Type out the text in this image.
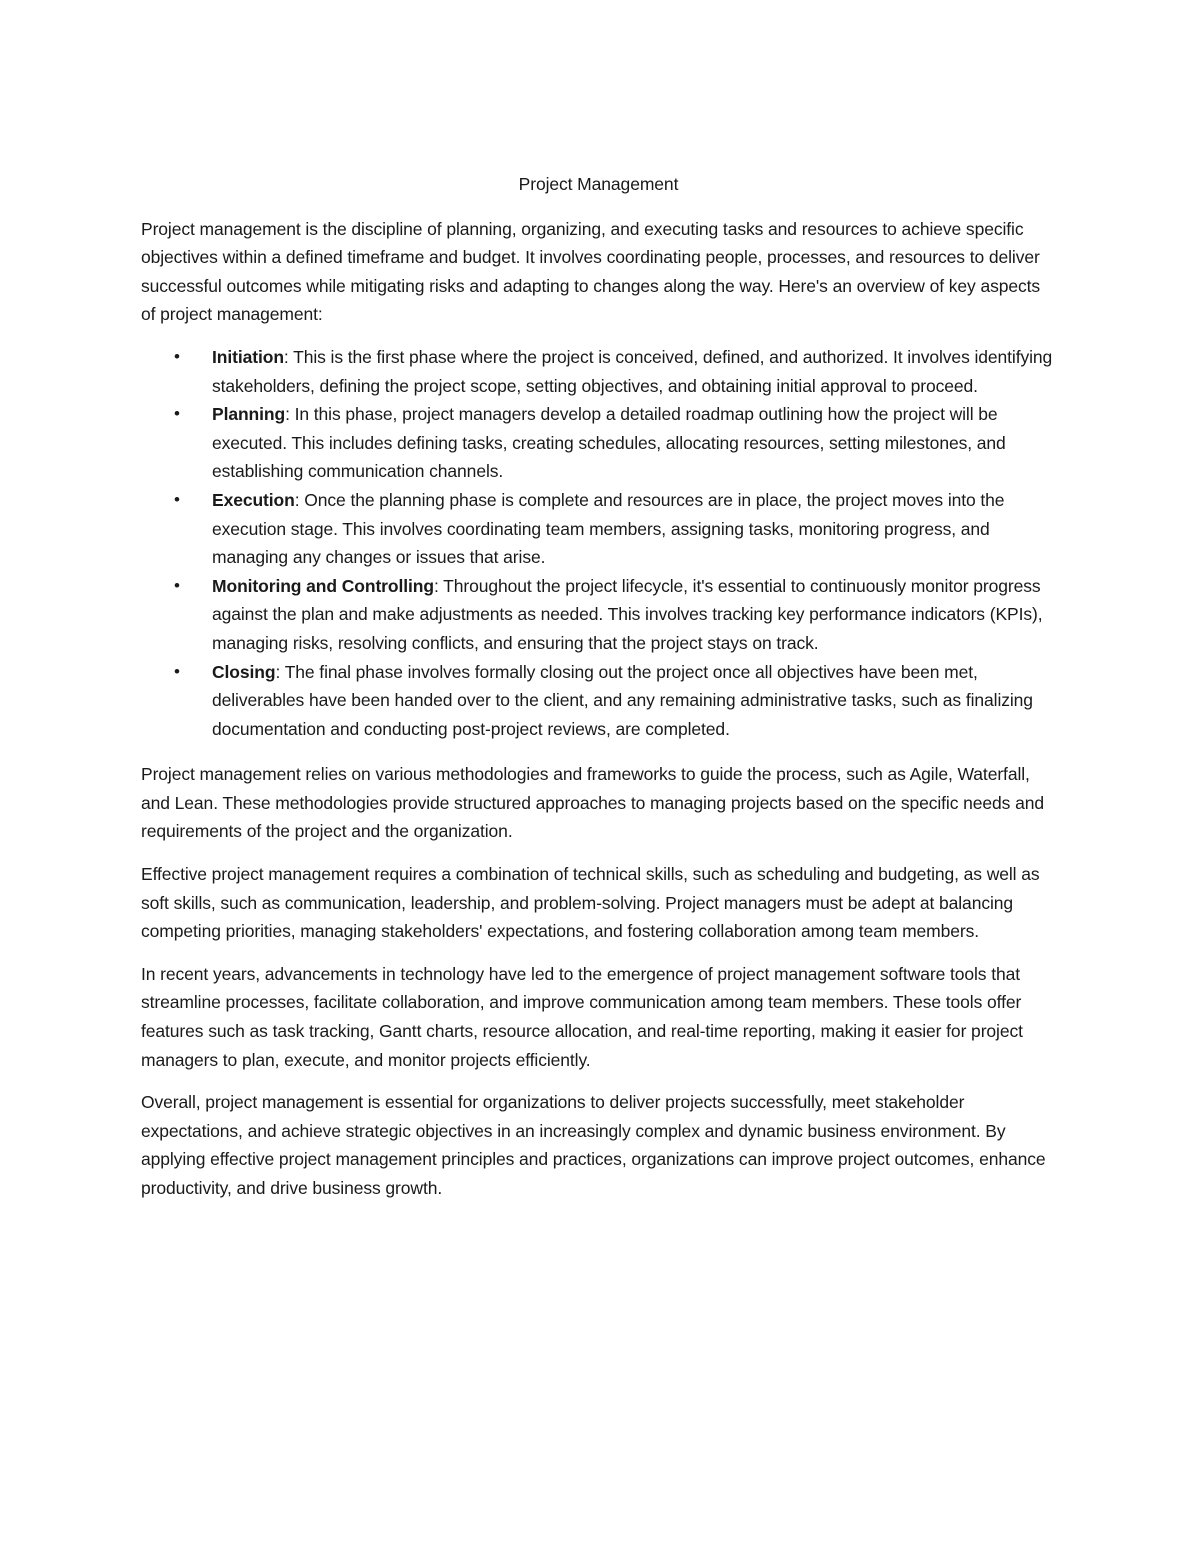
Project Management

Project management is the discipline of planning, organizing, and executing tasks and resources to achieve specific objectives within a defined timeframe and budget. It involves coordinating people, processes, and resources to deliver successful outcomes while mitigating risks and adapting to changes along the way. Here's an overview of key aspects of project management:

• Initiation: This is the first phase where the project is conceived, defined, and authorized. It involves identifying stakeholders, defining the project scope, setting objectives, and obtaining initial approval to proceed.
• Planning: In this phase, project managers develop a detailed roadmap outlining how the project will be executed. This includes defining tasks, creating schedules, allocating resources, setting milestones, and establishing communication channels.
• Execution: Once the planning phase is complete and resources are in place, the project moves into the execution stage. This involves coordinating team members, assigning tasks, monitoring progress, and managing any changes or issues that arise.
• Monitoring and Controlling: Throughout the project lifecycle, it's essential to continuously monitor progress against the plan and make adjustments as needed. This involves tracking key performance indicators (KPIs), managing risks, resolving conflicts, and ensuring that the project stays on track.
• Closing: The final phase involves formally closing out the project once all objectives have been met, deliverables have been handed over to the client, and any remaining administrative tasks, such as finalizing documentation and conducting post-project reviews, are completed.

Project management relies on various methodologies and frameworks to guide the process, such as Agile, Waterfall, and Lean. These methodologies provide structured approaches to managing projects based on the specific needs and requirements of the project and the organization.

Effective project management requires a combination of technical skills, such as scheduling and budgeting, as well as soft skills, such as communication, leadership, and problem-solving. Project managers must be adept at balancing competing priorities, managing stakeholders' expectations, and fostering collaboration among team members.

In recent years, advancements in technology have led to the emergence of project management software tools that streamline processes, facilitate collaboration, and improve communication among team members. These tools offer features such as task tracking, Gantt charts, resource allocation, and real-time reporting, making it easier for project managers to plan, execute, and monitor projects efficiently.

Overall, project management is essential for organizations to deliver projects successfully, meet stakeholder expectations, and achieve strategic objectives in an increasingly complex and dynamic business environment. By applying effective project management principles and practices, organizations can improve project outcomes, enhance productivity, and drive business growth.
